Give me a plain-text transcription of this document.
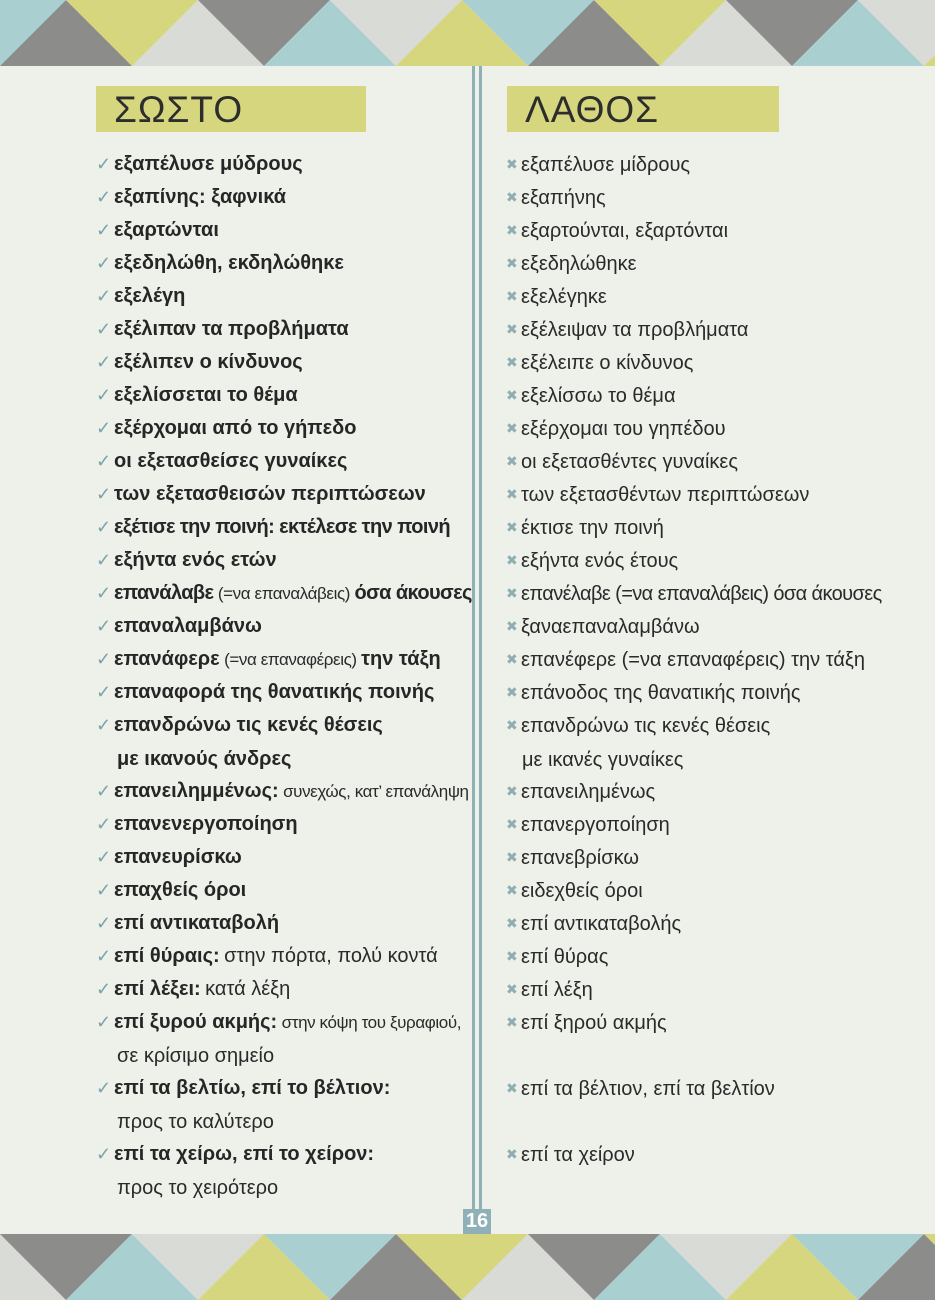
ΣΩΣΤΟ	ΛΑΘΟΣ
✓ εξαπέλυσε μύδρους
✓ εξαπίνης: ξαφνικά
✓ εξαρτώνται
✓ εξεδηλώθη, εκδηλώθηκε
✓ εξελέγη
✓ εξέλιπαν τα προβλήματα
✓ εξέλιπεν ο κίνδυνος
✓ εξελίσσεται το θέμα
✓ εξέρχομαι από το γήπεδο
✓ οι εξετασθείσες γυναίκες
✓ των εξετασθεισών περιπτώσεων
✓ εξέτισε την ποινή: εκτέλεσε την ποινή
✓ εξήντα ενός ετών
✓ επανάλαβε (=να επαναλάβεις) όσα άκουσες
✓ επαναλαμβάνω
✓ επανάφερε (=να επαναφέρεις) την τάξη
✓ επαναφορά της θανατικής ποινής
✓ επανδρώνω τις κενές θέσεις
με ικανούς άνδρες
✓ επανειλημμένως: συνεχώς, κατ’ επανάληψη
✓ επανενεργοποίηση
✓ επανευρίσκω
✓ επαχθείς όροι
✓ επί αντικαταβολή
✓ επί θύραις: στην πόρτα, πολύ κοντά
✓ επί λέξει: κατά λέξη
✓ επί ξυρού ακμής: στην κόψη του ξυραφιού,
σε κρίσιμο σημείο
✓ επί τα βελτίω, επί το βέλτιον:
προς το καλύτερο
✓ επί τα χείρω, επί το χείρον:
προς το χειρότερο
✖ εξαπέλυσε μίδρους
✖ εξαπήνης
✖ εξαρτούνται, εξαρτόνται
✖ εξεδηλώθηκε
✖ εξελέγηκε
✖ εξέλειψαν τα προβλήματα
✖ εξέλειπε ο κίνδυνος
✖ εξελίσσω το θέμα
✖ εξέρχομαι του γηπέδου
✖ οι εξετασθέντες γυναίκες
✖ των εξετασθέντων περιπτώσεων
✖ έκτισε την ποινή
✖ εξήντα ενός έτους
✖ επανέλαβε (=να επαναλάβεις) όσα άκουσες
✖ ξαναεπαναλαμβάνω
✖ επανέφερε (=να επαναφέρεις) την τάξη
✖ επάνοδος της θανατικής ποινής
✖ επανδρώνω τις κενές θέσεις
με ικανές γυναίκες
✖ επανειλημένως
✖ επανεργοποίηση
✖ επανεβρίσκω
✖ ειδεχθείς όροι
✖ επί αντικαταβολής
✖ επί θύρας
✖ επί λέξη
✖ επί ξηρού ακμής
✖ επί τα βέλτιον, επί τα βελτίον
✖ επί τα χείρον
16
